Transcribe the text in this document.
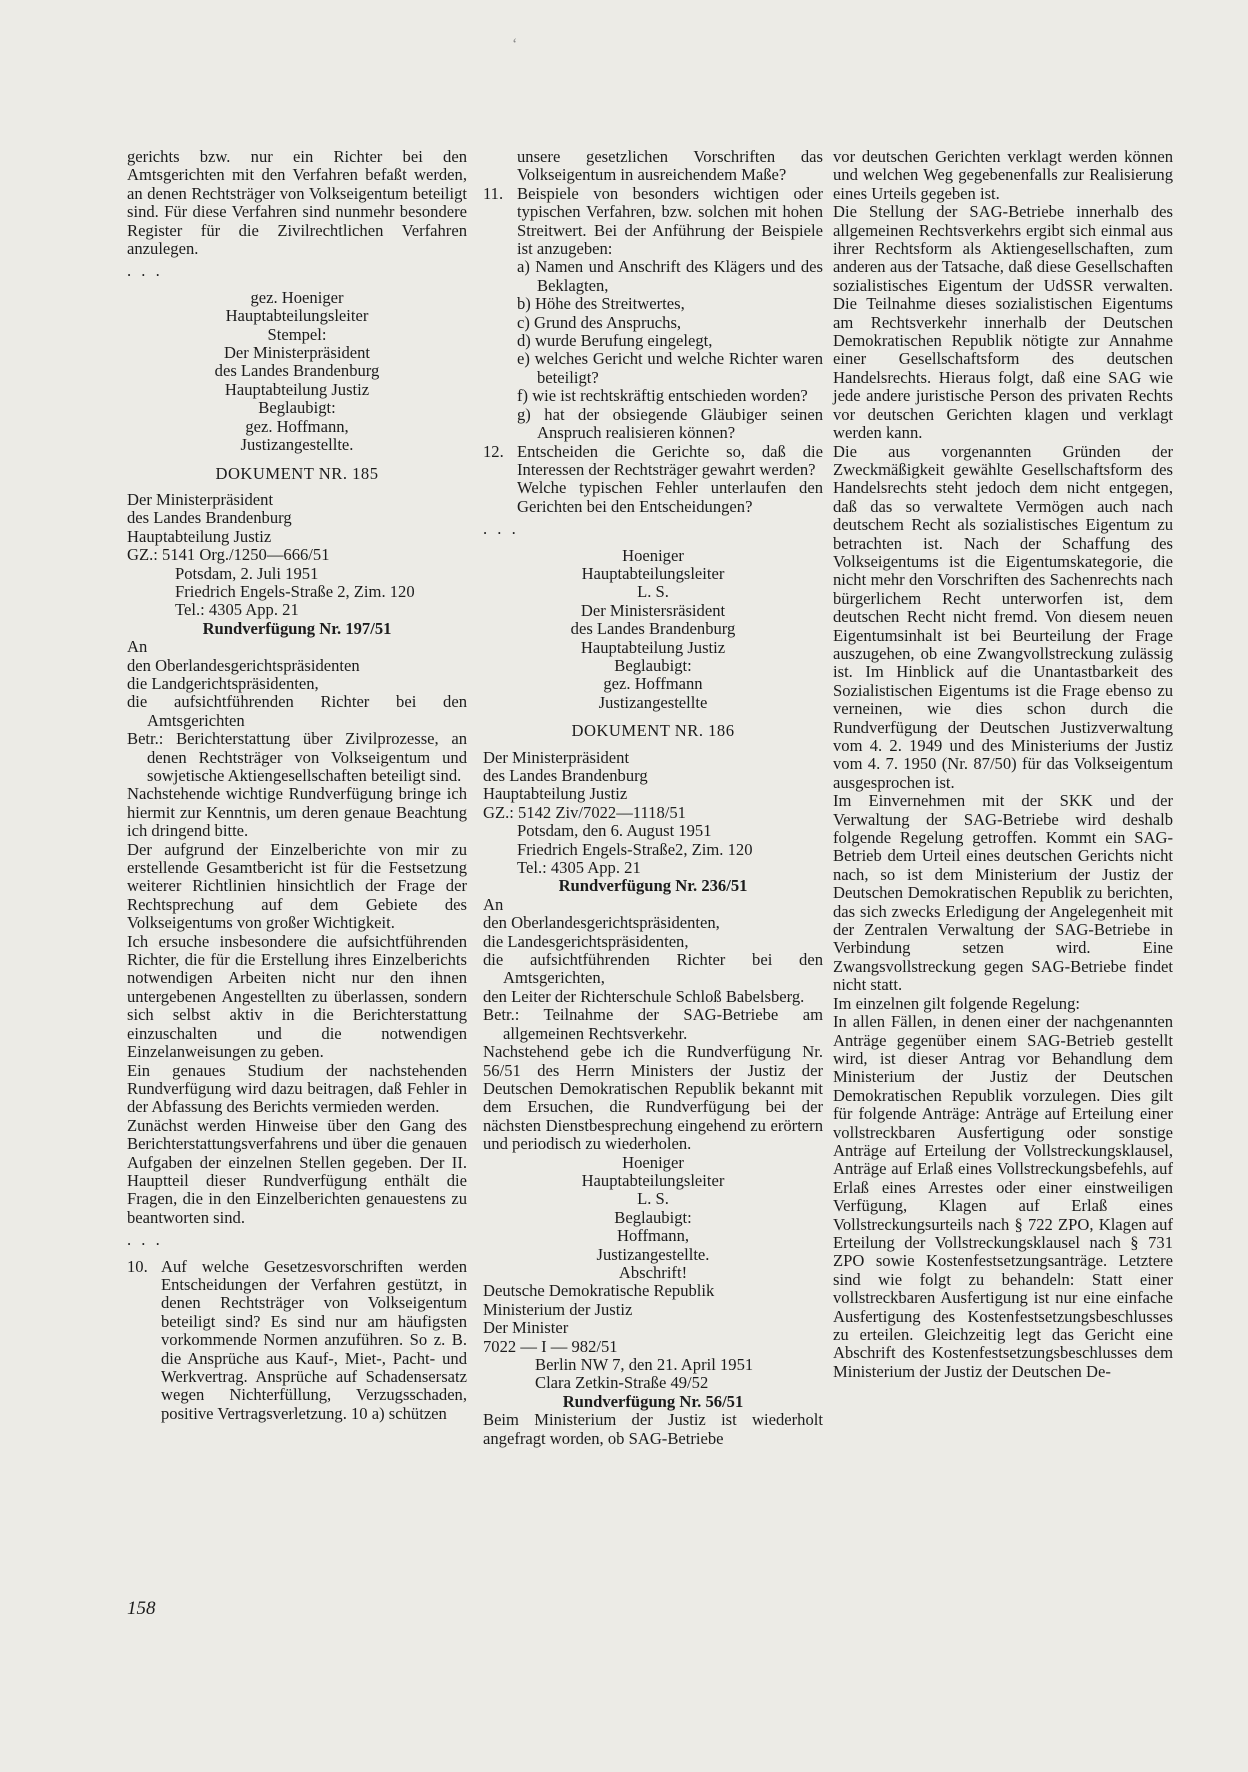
ʻ

gerichts bzw. nur ein Richter bei den Amtsgerichten mit den Verfahren befaßt werden, an denen Rechtsträger von Volkseigentum beteiligt sind. Für diese Verfahren sind nunmehr besondere Register für die Zivilrechtlichen Verfahren anzulegen.

. . .

gez. Hoeniger

Hauptabteilungsleiter

Stempel:

Der Ministerpräsident

des Landes Brandenburg

Hauptabteilung Justiz

Beglaubigt:

gez. Hoffmann,

Justizangestellte.

DOKUMENT NR. 185

Der Ministerpräsident

des Landes Brandenburg

Hauptabteilung Justiz

GZ.: 5141 Org./1250—666/51

Potsdam, 2. Juli 1951

Friedrich Engels-Straße 2, Zim. 120

Tel.: 4305 App. 21

Rundverfügung Nr. 197/51

An

den Oberlandesgerichtspräsidenten

die Landgerichtspräsidenten,

die aufsichtführenden Richter bei den Amtsgerichten

Betr.: Berichterstattung über Zivilprozesse, an denen Rechtsträger von Volkseigentum und sowjetische Aktiengesellschaften beteiligt sind.

Nachstehende wichtige Rundverfügung bringe ich hiermit zur Kenntnis, um deren genaue Beachtung ich dringend bitte.

Der aufgrund der Einzelberichte von mir zu erstellende Gesamtbericht ist für die Festsetzung weiterer Richtlinien hinsichtlich der Frage der Rechtsprechung auf dem Gebiete des Volkseigentums von großer Wichtigkeit.

Ich ersuche insbesondere die aufsichtführenden Richter, die für die Erstellung ihres Einzelberichts notwendigen Arbeiten nicht nur den ihnen untergebenen Angestellten zu überlassen, sondern sich selbst aktiv in die Berichterstattung einzuschalten und die notwendigen Einzelanweisungen zu geben.

Ein genaues Studium der nachstehenden Rundverfügung wird dazu beitragen, daß Fehler in der Abfassung des Berichts vermieden werden.

Zunächst werden Hinweise über den Gang des Berichterstattungsverfahrens und über die genauen Aufgaben der einzelnen Stellen gegeben. Der II. Hauptteil dieser Rundverfügung enthält die Fragen, die in den Einzelberichten genauestens zu beantworten sind.

. . .
10. Auf welche Gesetzesvorschriften werden Entscheidungen der Verfahren gestützt, in denen Rechtsträger von Volkseigentum beteiligt sind? Es sind nur am häufigsten vorkommende Normen anzuführen. So z. B. die Ansprüche aus Kauf-, Miet-, Pacht- und Werkvertrag. Ansprüche auf Schadensersatz wegen Nichterfüllung, Verzugsschaden, positive Vertragsverletzung. 10 a) schützen

unsere gesetzlichen Vorschriften das Volkseigentum in ausreichendem Maße?

11. Beispiele von besonders wichtigen oder typischen Verfahren, bzw. solchen mit hohen Streitwert. Bei der Anführung der Beispiele ist anzugeben:

a) Namen und Anschrift des Klägers und des Beklagten,

b) Höhe des Streitwertes,

c) Grund des Anspruchs,

d) wurde Berufung eingelegt,

e) welches Gericht und welche Richter waren beteiligt?

f) wie ist rechtskräftig entschieden worden?

g) hat der obsiegende Gläubiger seinen Anspruch realisieren können?

12. Entscheiden die Gerichte so, daß die Interessen der Rechtsträger gewahrt werden?

Welche typischen Fehler unterlaufen den Gerichten bei den Entscheidungen?

. . .

Hoeniger

Hauptabteilungsleiter

L. S.

Der Ministersräsident

des Landes Brandenburg

Hauptabteilung Justiz

Beglaubigt:

gez. Hoffmann

Justizangestellte

DOKUMENT NR. 186

Der Ministerpräsident

des Landes Brandenburg

Hauptabteilung Justiz

GZ.: 5142 Ziv/7022—1118/51

Potsdam, den 6. August 1951

Friedrich Engels-Straße2, Zim. 120

Tel.: 4305 App. 21

Rundverfügung Nr. 236/51

An

den Oberlandesgerichtspräsidenten,

die Landesgerichtspräsidenten,

die aufsichtführenden Richter bei den Amtsgerichten,

den Leiter der Richterschule Schloß Babelsberg.

Betr.: Teilnahme der SAG-Betriebe am allgemeinen Rechtsverkehr.

Nachstehend gebe ich die Rundverfügung Nr. 56/51 des Herrn Ministers der Justiz der Deutschen Demokratischen Republik bekannt mit dem Ersuchen, die Rundverfügung bei der nächsten Dienstbesprechung eingehend zu erörtern und periodisch zu wiederholen.

Hoeniger

Hauptabteilungsleiter

L. S.

Beglaubigt:

Hoffmann,

Justizangestellte.

Abschrift!

Deutsche Demokratische Republik

Ministerium der Justiz

Der Minister

7022 — I — 982/51

Berlin NW 7, den 21. April 1951

Clara Zetkin-Straße 49/52

Rundverfügung Nr. 56/51

Beim Ministerium der Justiz ist wiederholt angefragt worden, ob SAG-Betriebe

vor deutschen Gerichten verklagt werden können und welchen Weg gegebenenfalls zur Realisierung eines Urteils gegeben ist.

Die Stellung der SAG-Betriebe innerhalb des allgemeinen Rechtsverkehrs ergibt sich einmal aus ihrer Rechtsform als Aktiengesellschaften, zum anderen aus der Tatsache, daß diese Gesellschaften sozialistisches Eigentum der UdSSR verwalten. Die Teilnahme dieses sozialistischen Eigentums am Rechtsverkehr innerhalb der Deutschen Demokratischen Republik nötigte zur Annahme einer Gesellschaftsform des deutschen Handelsrechts. Hieraus folgt, daß eine SAG wie jede andere juristische Person des privaten Rechts vor deutschen Gerichten klagen und verklagt werden kann.

Die aus vorgenannten Gründen der Zweckmäßigkeit gewählte Gesellschaftsform des Handelsrechts steht jedoch dem nicht entgegen, daß das so verwaltete Vermögen auch nach deutschem Recht als sozialistisches Eigentum zu betrachten ist. Nach der Schaffung des Volkseigentums ist die Eigentumskategorie, die nicht mehr den Vorschriften des Sachenrechts nach bürgerlichem Recht unterworfen ist, dem deutschen Recht nicht fremd. Von diesem neuen Eigentumsinhalt ist bei Beurteilung der Frage auszugehen, ob eine Zwangvollstreckung zulässig ist. Im Hinblick auf die Unantastbarkeit des Sozialistischen Eigentums ist die Frage ebenso zu verneinen, wie dies schon durch die Rundverfügung der Deutschen Justizverwaltung vom 4. 2. 1949 und des Ministeriums der Justiz vom 4. 7. 1950 (Nr. 87/50) für das Volkseigentum ausgesprochen ist.

Im Einvernehmen mit der SKK und der Verwaltung der SAG-Betriebe wird deshalb folgende Regelung getroffen. Kommt ein SAG-Betrieb dem Urteil eines deutschen Gerichts nicht nach, so ist dem Ministerium der Justiz der Deutschen Demokratischen Republik zu berichten, das sich zwecks Erledigung der Angelegenheit mit der Zentralen Verwaltung der SAG-Betriebe in Verbindung setzen wird. Eine Zwangsvollstreckung gegen SAG-Betriebe findet nicht statt.

Im einzelnen gilt folgende Regelung:

In allen Fällen, in denen einer der nachgenannten Anträge gegenüber einem SAG-Betrieb gestellt wird, ist dieser Antrag vor Behandlung dem Ministerium der Justiz der Deutschen Demokratischen Republik vorzulegen. Dies gilt für folgende Anträge: Anträge auf Erteilung einer vollstreckbaren Ausfertigung oder sonstige Anträge auf Erteilung der Vollstreckungsklausel, Anträge auf Erlaß eines Vollstreckungsbefehls, auf Erlaß eines Arrestes oder einer einstweiligen Verfügung, Klagen auf Erlaß eines Vollstreckungsurteils nach § 722 ZPO, Klagen auf Erteilung der Vollstreckungsklausel nach § 731 ZPO sowie Kostenfestsetzungsanträge. Letztere sind wie folgt zu behandeln: Statt einer vollstreckbaren Ausfertigung ist nur eine einfache Ausfertigung des Kostenfestsetzungsbeschlusses zu erteilen. Gleichzeitig legt das Gericht eine Abschrift des Kostenfestsetzungsbeschlusses dem Ministerium der Justiz der Deutschen De-

158
